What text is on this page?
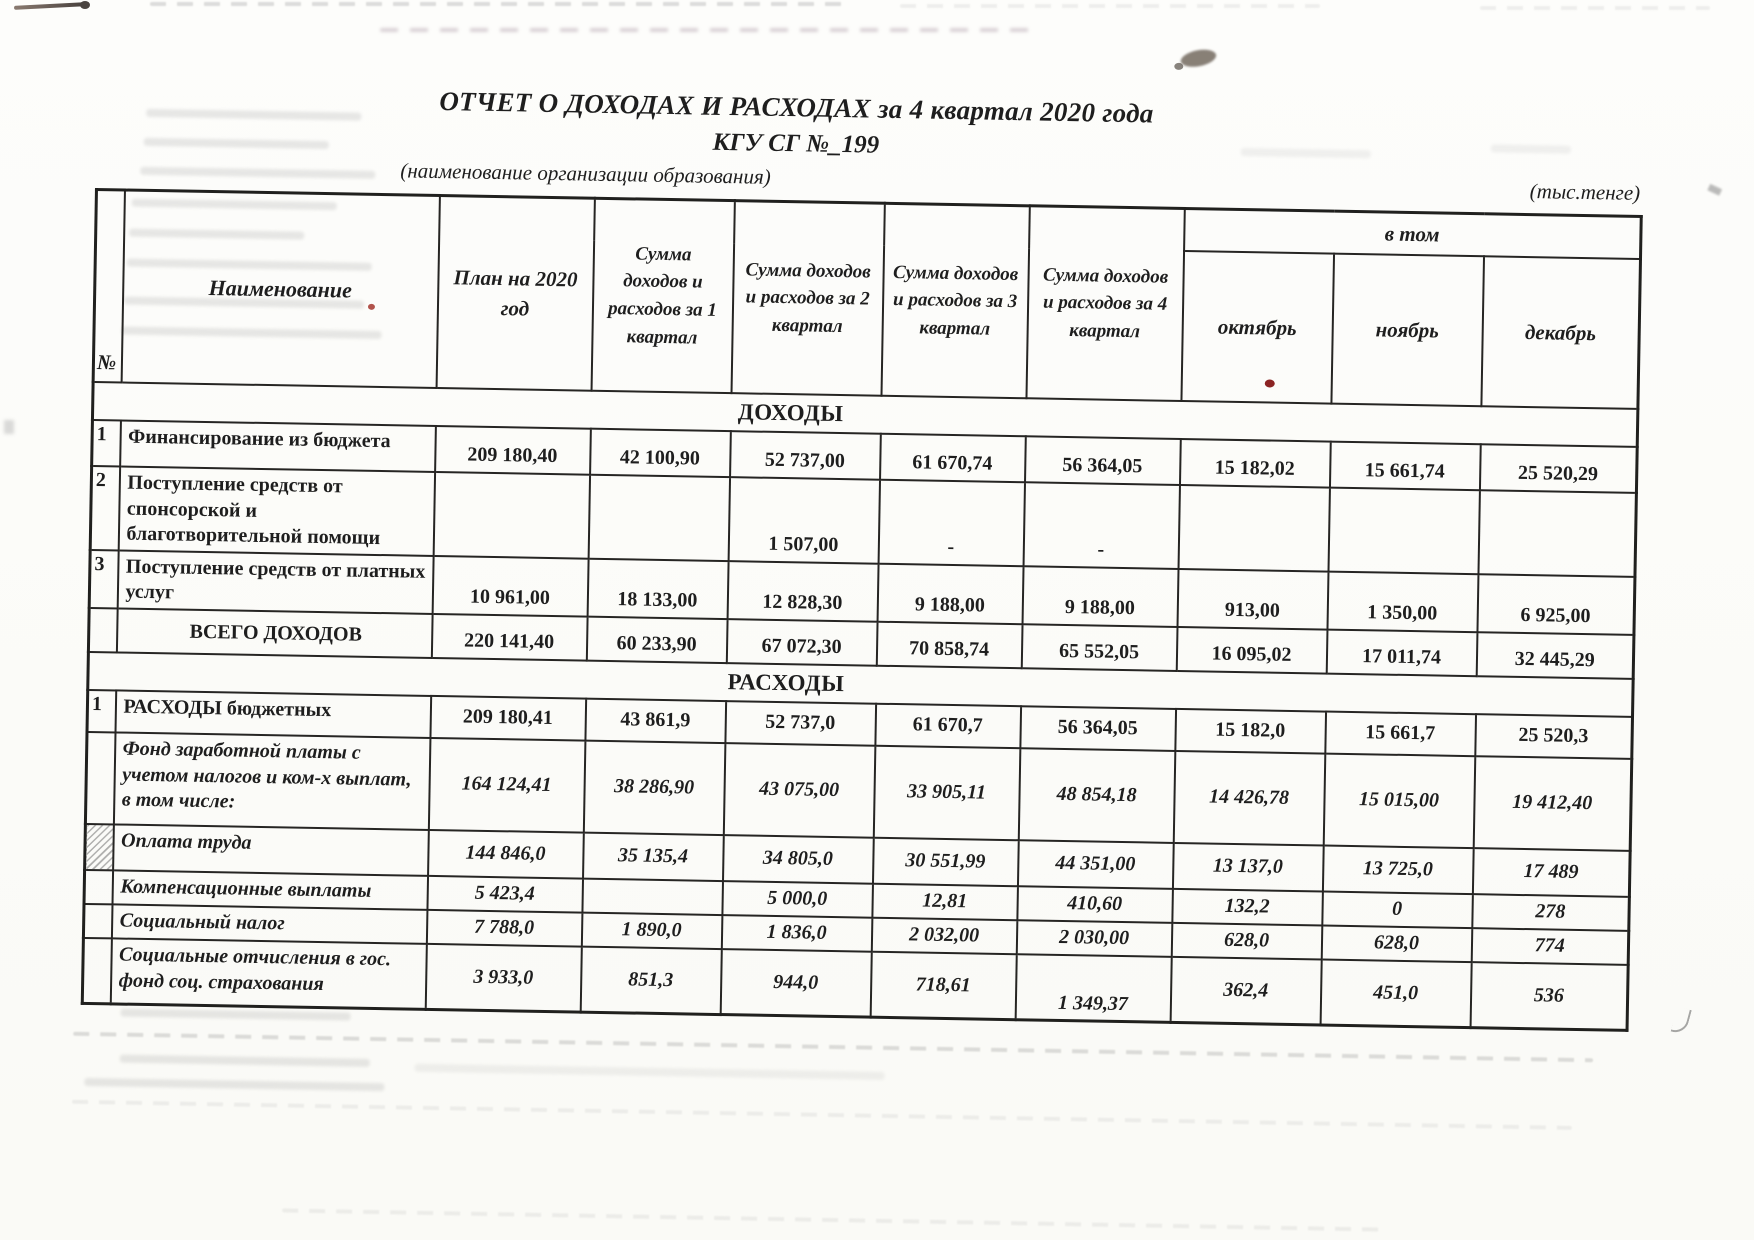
ОТЧЕТ О ДОХОДАХ И РАСХОДАХ за 4 квартал 2020 года
КГУ СГ №_199
(наименование организации образования)
(тыс.тенге)
№	Наименование	План на 2020 год	Сумма доходов и расходов за 1 квартал	Сумма доходов и расходов за 2 квартал	Сумма доходов и расходов за 3 квартал	Сумма доходов и расходов за 4 квартал	в том		
							октябрь	ноябрь	декабрь
ДОХОДЫ									
1	Финансирование из бюджета	209 180,40	42 100,90	52 737,00	61 670,74	56 364,05	15 182,02	15 661,74	25 520,29
2	Поступление средств от спонсорской и благотворительной помощи			1 507,00	-	-			
3	Поступление средств от платных услуг	10 961,00	18 133,00	12 828,30	9 188,00	9 188,00	913,00	1 350,00	6 925,00
	ВСЕГО ДОХОДОВ	220 141,40	60 233,90	67 072,30	70 858,74	65 552,05	16 095,02	17 011,74	32 445,29
РАСХОДЫ									
1	РАСХОДЫ бюджетных	209 180,41	43 861,9	52 737,0	61 670,7	56 364,05	15 182,0	15 661,7	25 520,3
	Фонд заработной платы с учетом налогов и ком-х выплат, в том числе:	164 124,41	38 286,90	43 075,00	33 905,11	48 854,18	14 426,78	15 015,00	19 412,40
	Оплата труда	144 846,0	35 135,4	34 805,0	30 551,99	44 351,00	13 137,0	13 725,0	17 489
	Компенсационные выплаты	5 423,4		5 000,0	12,81	410,60	132,2	0	278
	Социальный налог	7 788,0	1 890,0	1 836,0	2 032,00	2 030,00	628,0	628,0	774
	Социальные отчисления в гос. фонд соц. страхования	3 933,0	851,3	944,0	718,61	1 349,37	362,4	451,0	536
